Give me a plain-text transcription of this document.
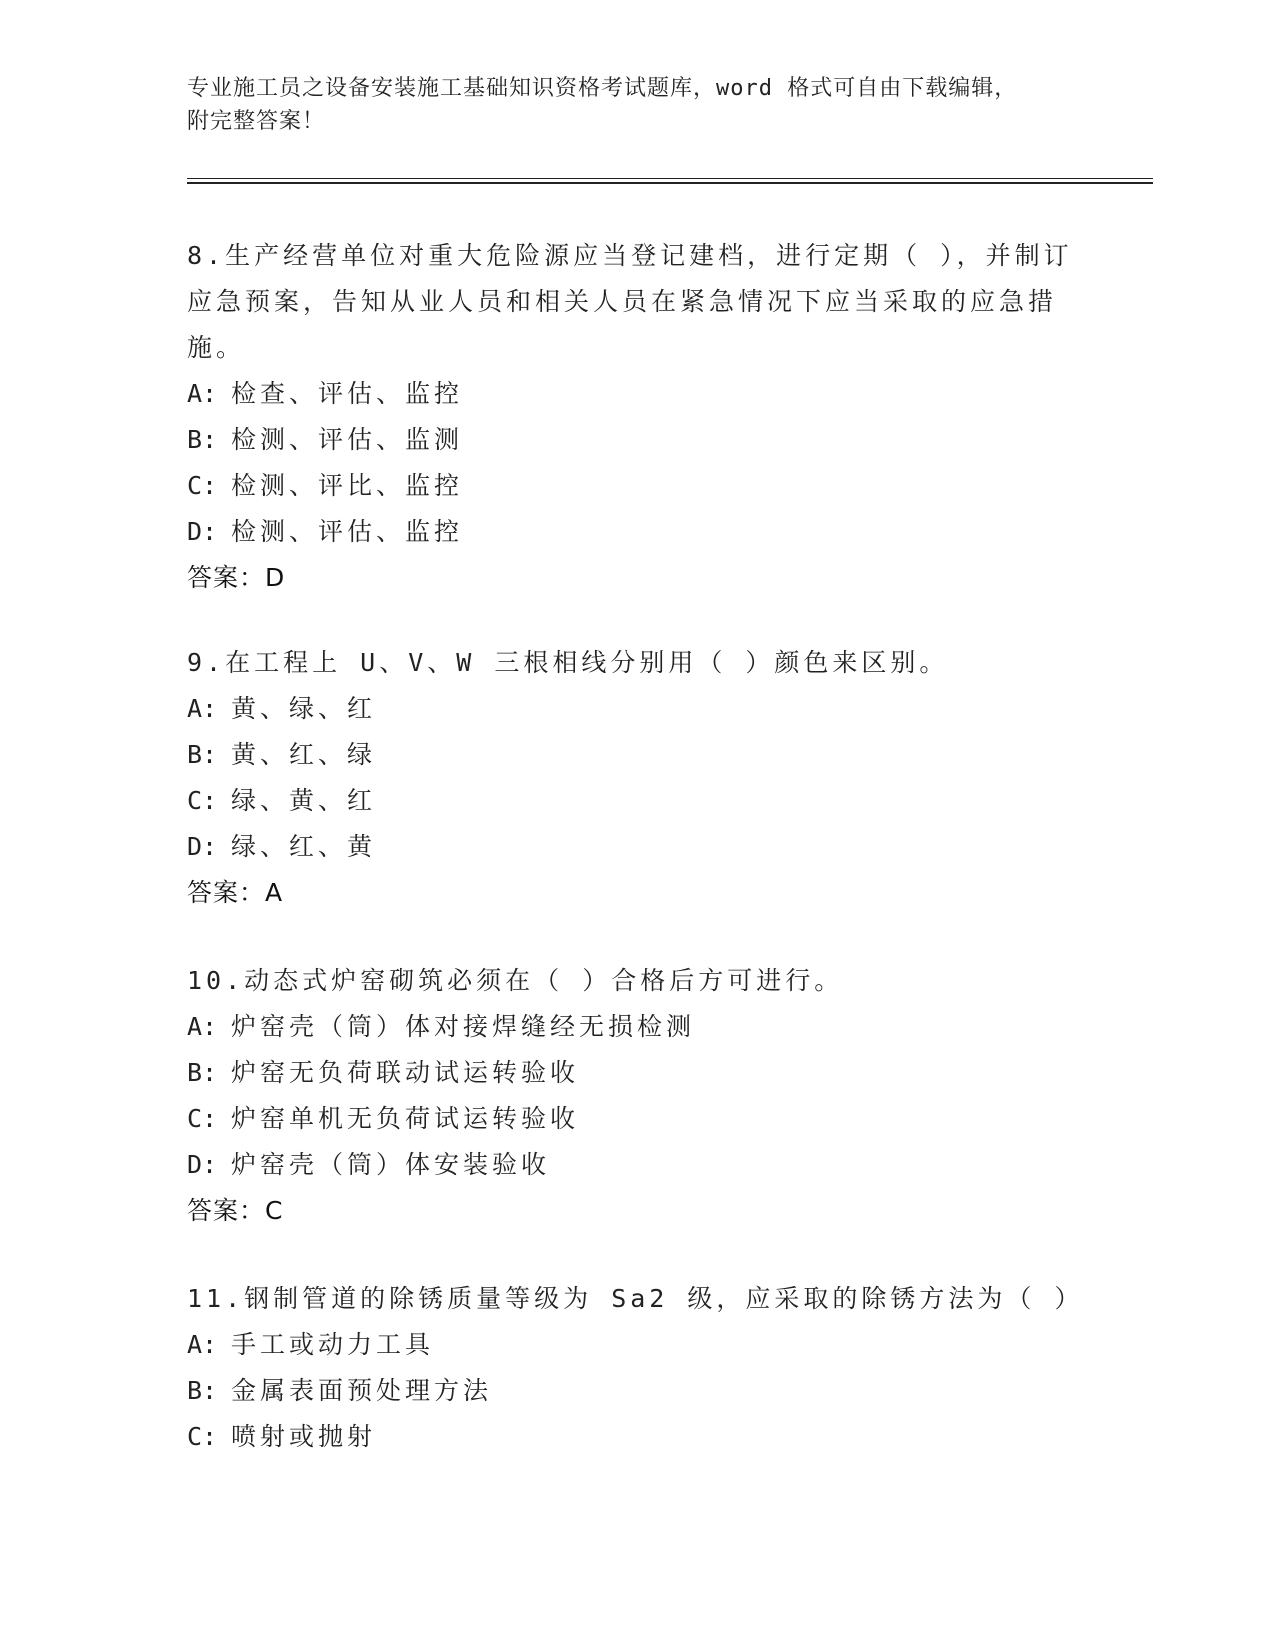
专业施工员之设备安装施工基础知识资格考试题库，word 格式可自由下载编辑，
附完整答案！
8.生产经营单位对重大危险源应当登记建档，进行定期（ ），并制订
应急预案，告知从业人员和相关人员在紧急情况下应当采取的应急措
施。
A: 检查、评估、监控
B: 检测、评估、监测
C: 检测、评比、监控
D: 检测、评估、监控
答案：D
9.在工程上 U、V、W 三根相线分别用（ ）颜色来区别。
A: 黄、绿、红
B: 黄、红、绿
C: 绿、黄、红
D: 绿、红、黄
答案：A
10.动态式炉窑砌筑必须在（ ）合格后方可进行。
A: 炉窑壳（筒）体对接焊缝经无损检测
B: 炉窑无负荷联动试运转验收
C: 炉窑单机无负荷试运转验收
D: 炉窑壳（筒）体安装验收
答案：C
11.钢制管道的除锈质量等级为 Sa2 级，应采取的除锈方法为（ ）
A: 手工或动力工具
B: 金属表面预处理方法
C: 喷射或抛射
